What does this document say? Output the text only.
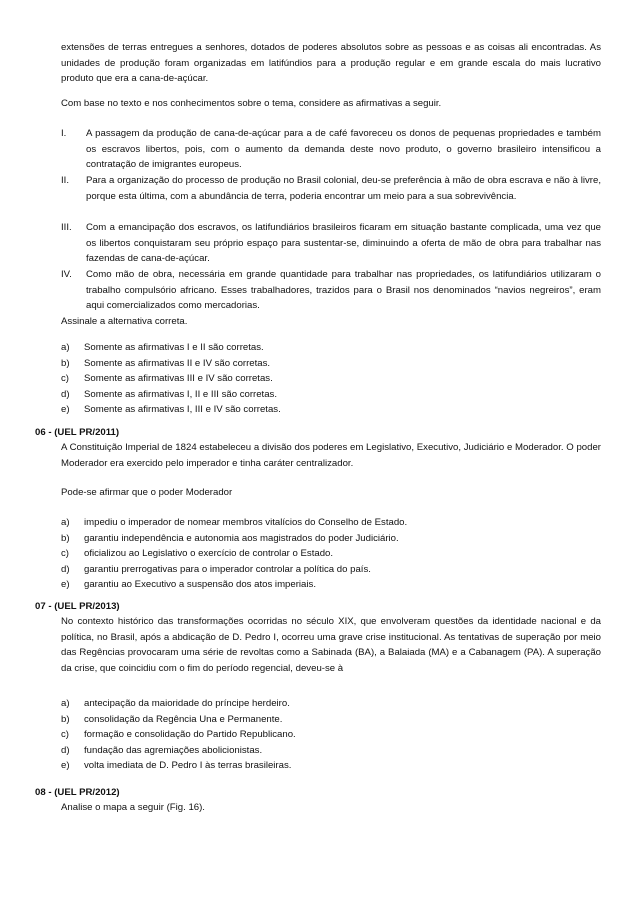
extensões de terras entregues a senhores, dotados de poderes absolutos sobre as pessoas e as coisas ali encontradas. As unidades de produção foram organizadas em latifúndios para a produção regular e em grande escala do mais lucrativo produto que era a cana-de-açúcar.
Com base no texto e nos conhecimentos sobre o tema, considere as afirmativas a seguir.
I. A passagem da produção de cana-de-açúcar para a de café favoreceu os donos de pequenas propriedades e também os escravos libertos, pois, com o aumento da demanda deste novo produto, o governo brasileiro intensificou a contratação de imigrantes europeus.
II. Para a organização do processo de produção no Brasil colonial, deu-se preferência à mão de obra escrava e não à livre, porque esta última, com a abundância de terra, poderia encontrar um meio para a sua sobrevivência.
III. Com a emancipação dos escravos, os latifundiários brasileiros ficaram em situação bastante complicada, uma vez que os libertos conquistaram seu próprio espaço para sustentar-se, diminuindo a oferta de mão de obra para trabalhar nas fazendas de cana-de-açúcar.
IV. Como mão de obra, necessária em grande quantidade para trabalhar nas propriedades, os latifundiários utilizaram o trabalho compulsório africano. Esses trabalhadores, trazidos para o Brasil nos denominados “navios negreiros”, eram aqui comercializados como mercadorias.
Assinale a alternativa correta.
a) Somente as afirmativas I e II são corretas.
b) Somente as afirmativas II e IV são corretas.
c) Somente as afirmativas III e IV são corretas.
d) Somente as afirmativas I, II e III são corretas.
e) Somente as afirmativas I, III e IV são corretas.
06 - (UEL PR/2011)
A Constituição Imperial de 1824 estabeleceu a divisão dos poderes em Legislativo, Executivo, Judiciário e Moderador. O poder Moderador era exercido pelo imperador e tinha caráter centralizador.
Pode-se afirmar que o poder Moderador
a) impediu o imperador de nomear membros vitalícios do Conselho de Estado.
b) garantiu independência e autonomia aos magistrados do poder Judiciário.
c) oficializou ao Legislativo o exercício de controlar o Estado.
d) garantiu prerrogativas para o imperador controlar a política do país.
e) garantiu ao Executivo a suspensão dos atos imperiais.
07 - (UEL PR/2013)
No contexto histórico das transformações ocorridas no século XIX, que envolveram questões da identidade nacional e da política, no Brasil, após a abdicação de D. Pedro I, ocorreu uma grave crise institucional. As tentativas de superação por meio das Regências provocaram uma série de revoltas como a Sabinada (BA), a Balaiada (MA) e a Cabanagem (PA). A superação da crise, que coincidiu com o fim do período regencial, deveu-se à
a) antecipação da maioridade do príncipe herdeiro.
b) consolidação da Regência Una e Permanente.
c) formação e consolidação do Partido Republicano.
d) fundação das agremiações abolicionistas.
e) volta imediata de D. Pedro I às terras brasileiras.
08 - (UEL PR/2012)
Analise o mapa a seguir (Fig. 16).
